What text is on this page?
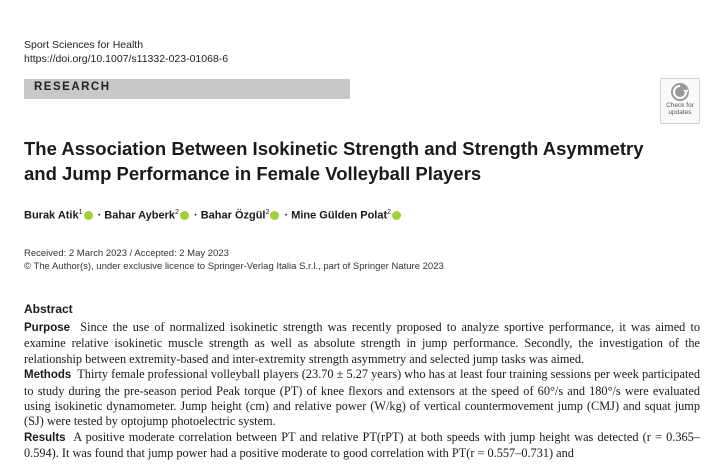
Sport Sciences for Health
https://doi.org/10.1007/s11332-023-01068-6
RESEARCH
Check for
updates
The Association Between Isokinetic Strength and Strength Asymmetry
and Jump Performance in Female Volleyball Players
Burak Atik$^1$ · Bahar Ayberk$^2$ · Bahar Özgül$^2$ · Mine Gülden Polat$^2$
Received: 2 March 2023 / Accepted: 2 May 2023
© The Author(s), under exclusive licence to Springer-Verlag Italia S.r.l., part of Springer Nature 2023
Abstract

Purpose Since the use of normalized isokinetic strength was recently proposed to analyze sportive performance, it was aimed to examine relative isokinetic muscle strength as well as absolute strength in jump performance. Secondly, the investigation of the relationship between extremity-based and inter-extremity strength asymmetry and selected jump tasks was aimed.

Methods Thirty female professional volleyball players (23.70 ± 5.27 years) who has at least four training sessions per week participated to study during the pre-season period Peak torque (PT) of knee flexors and extensors at the speed of 60°/s and 180°/s were evaluated using isokinetic dynamometer. Jump height (cm) and relative power (W/kg) of vertical countermovement jump (CMJ) and squat jump (SJ) were tested by optojump photoelectric system.

Results A positive moderate correlation between PT and relative PT(rPT) at both speeds with jump height was detected (r = 0.365–0.594). It was found that jump power had a positive moderate to good correlation with PT(r = 0.557–0.731) and
